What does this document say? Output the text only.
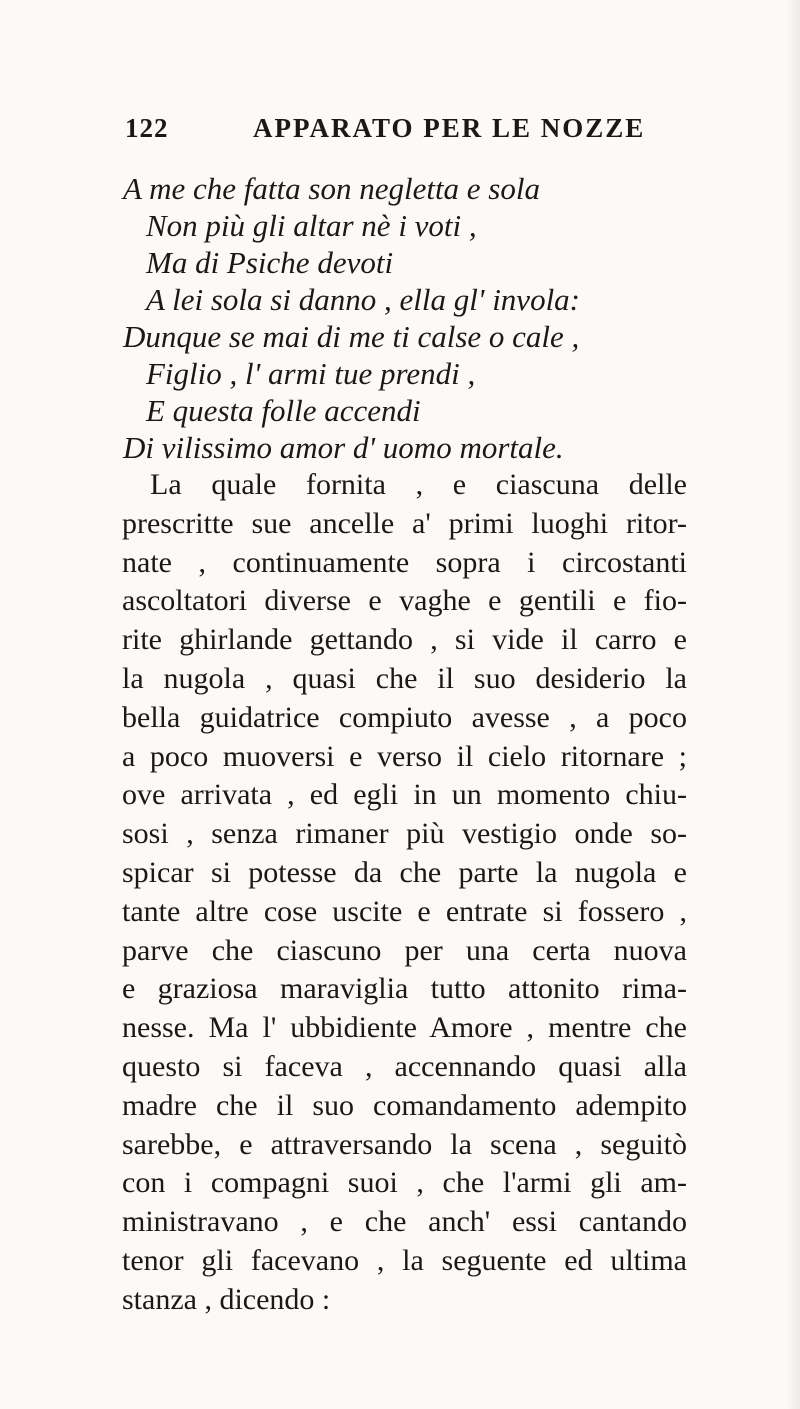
122	APPARATO PER LE NOZZE
A me che fatta son negletta e sola
Non più gli altar nè i voti ,
Ma di Psiche devoti
A lei sola si danno , ella gl' invola:
Dunque se mai di me ti calse o cale ,
Figlio , l' armi tue prendi ,
E questa folle accendi
Di vilissimo amor d' uomo mortale.
La quale fornita , e ciascuna delle
prescritte sue ancelle a' primi luoghi ritor-
nate , continuamente sopra i circostanti
ascoltatori diverse e vaghe e gentili e fio-
rite ghirlande gettando , si vide il carro e
la nugola , quasi che il suo desiderio la
bella guidatrice compiuto avesse , a poco
a poco muoversi e verso il cielo ritornare ;
ove arrivata , ed egli in un momento chiu-
sosi , senza rimaner più vestigio onde so-
spicar si potesse da che parte la nugola e
tante altre cose uscite e entrate si fossero ,
parve che ciascuno per una certa nuova
e graziosa maraviglia tutto attonito rima-
nesse. Ma l' ubbidiente Amore , mentre che
questo si faceva , accennando quasi alla
madre che il suo comandamento adempito
sarebbe, e attraversando la scena , seguitò
con i compagni suoi , che l'armi gli am-
ministravano , e che anch' essi cantando
tenor gli facevano , la seguente ed ultima
stanza , dicendo :
